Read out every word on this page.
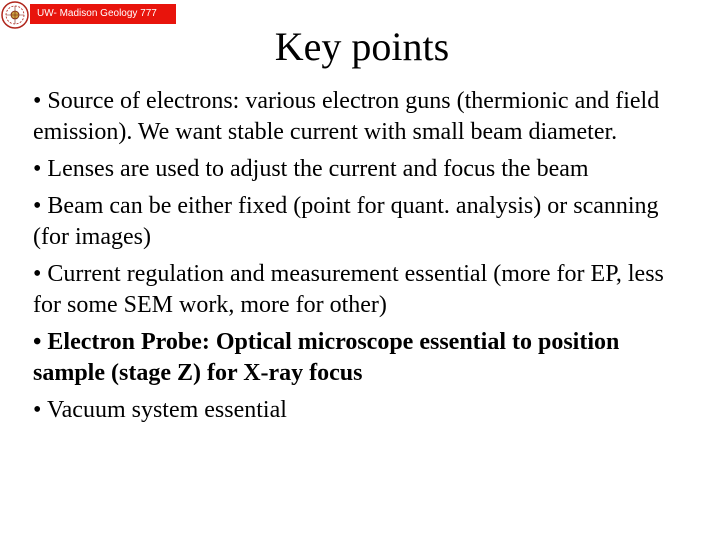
UW- Madison Geology 777
Key points
• Source of electrons: various electron guns (thermionic and field emission). We want stable current with small beam diameter.
• Lenses are used to adjust the current and focus the beam
• Beam can be either fixed (point for quant. analysis) or scanning (for images)
• Current regulation and measurement essential (more for EP, less for some SEM work, more for other)
• Electron Probe: Optical microscope essential to position sample (stage Z) for X-ray focus
• Vacuum system essential
